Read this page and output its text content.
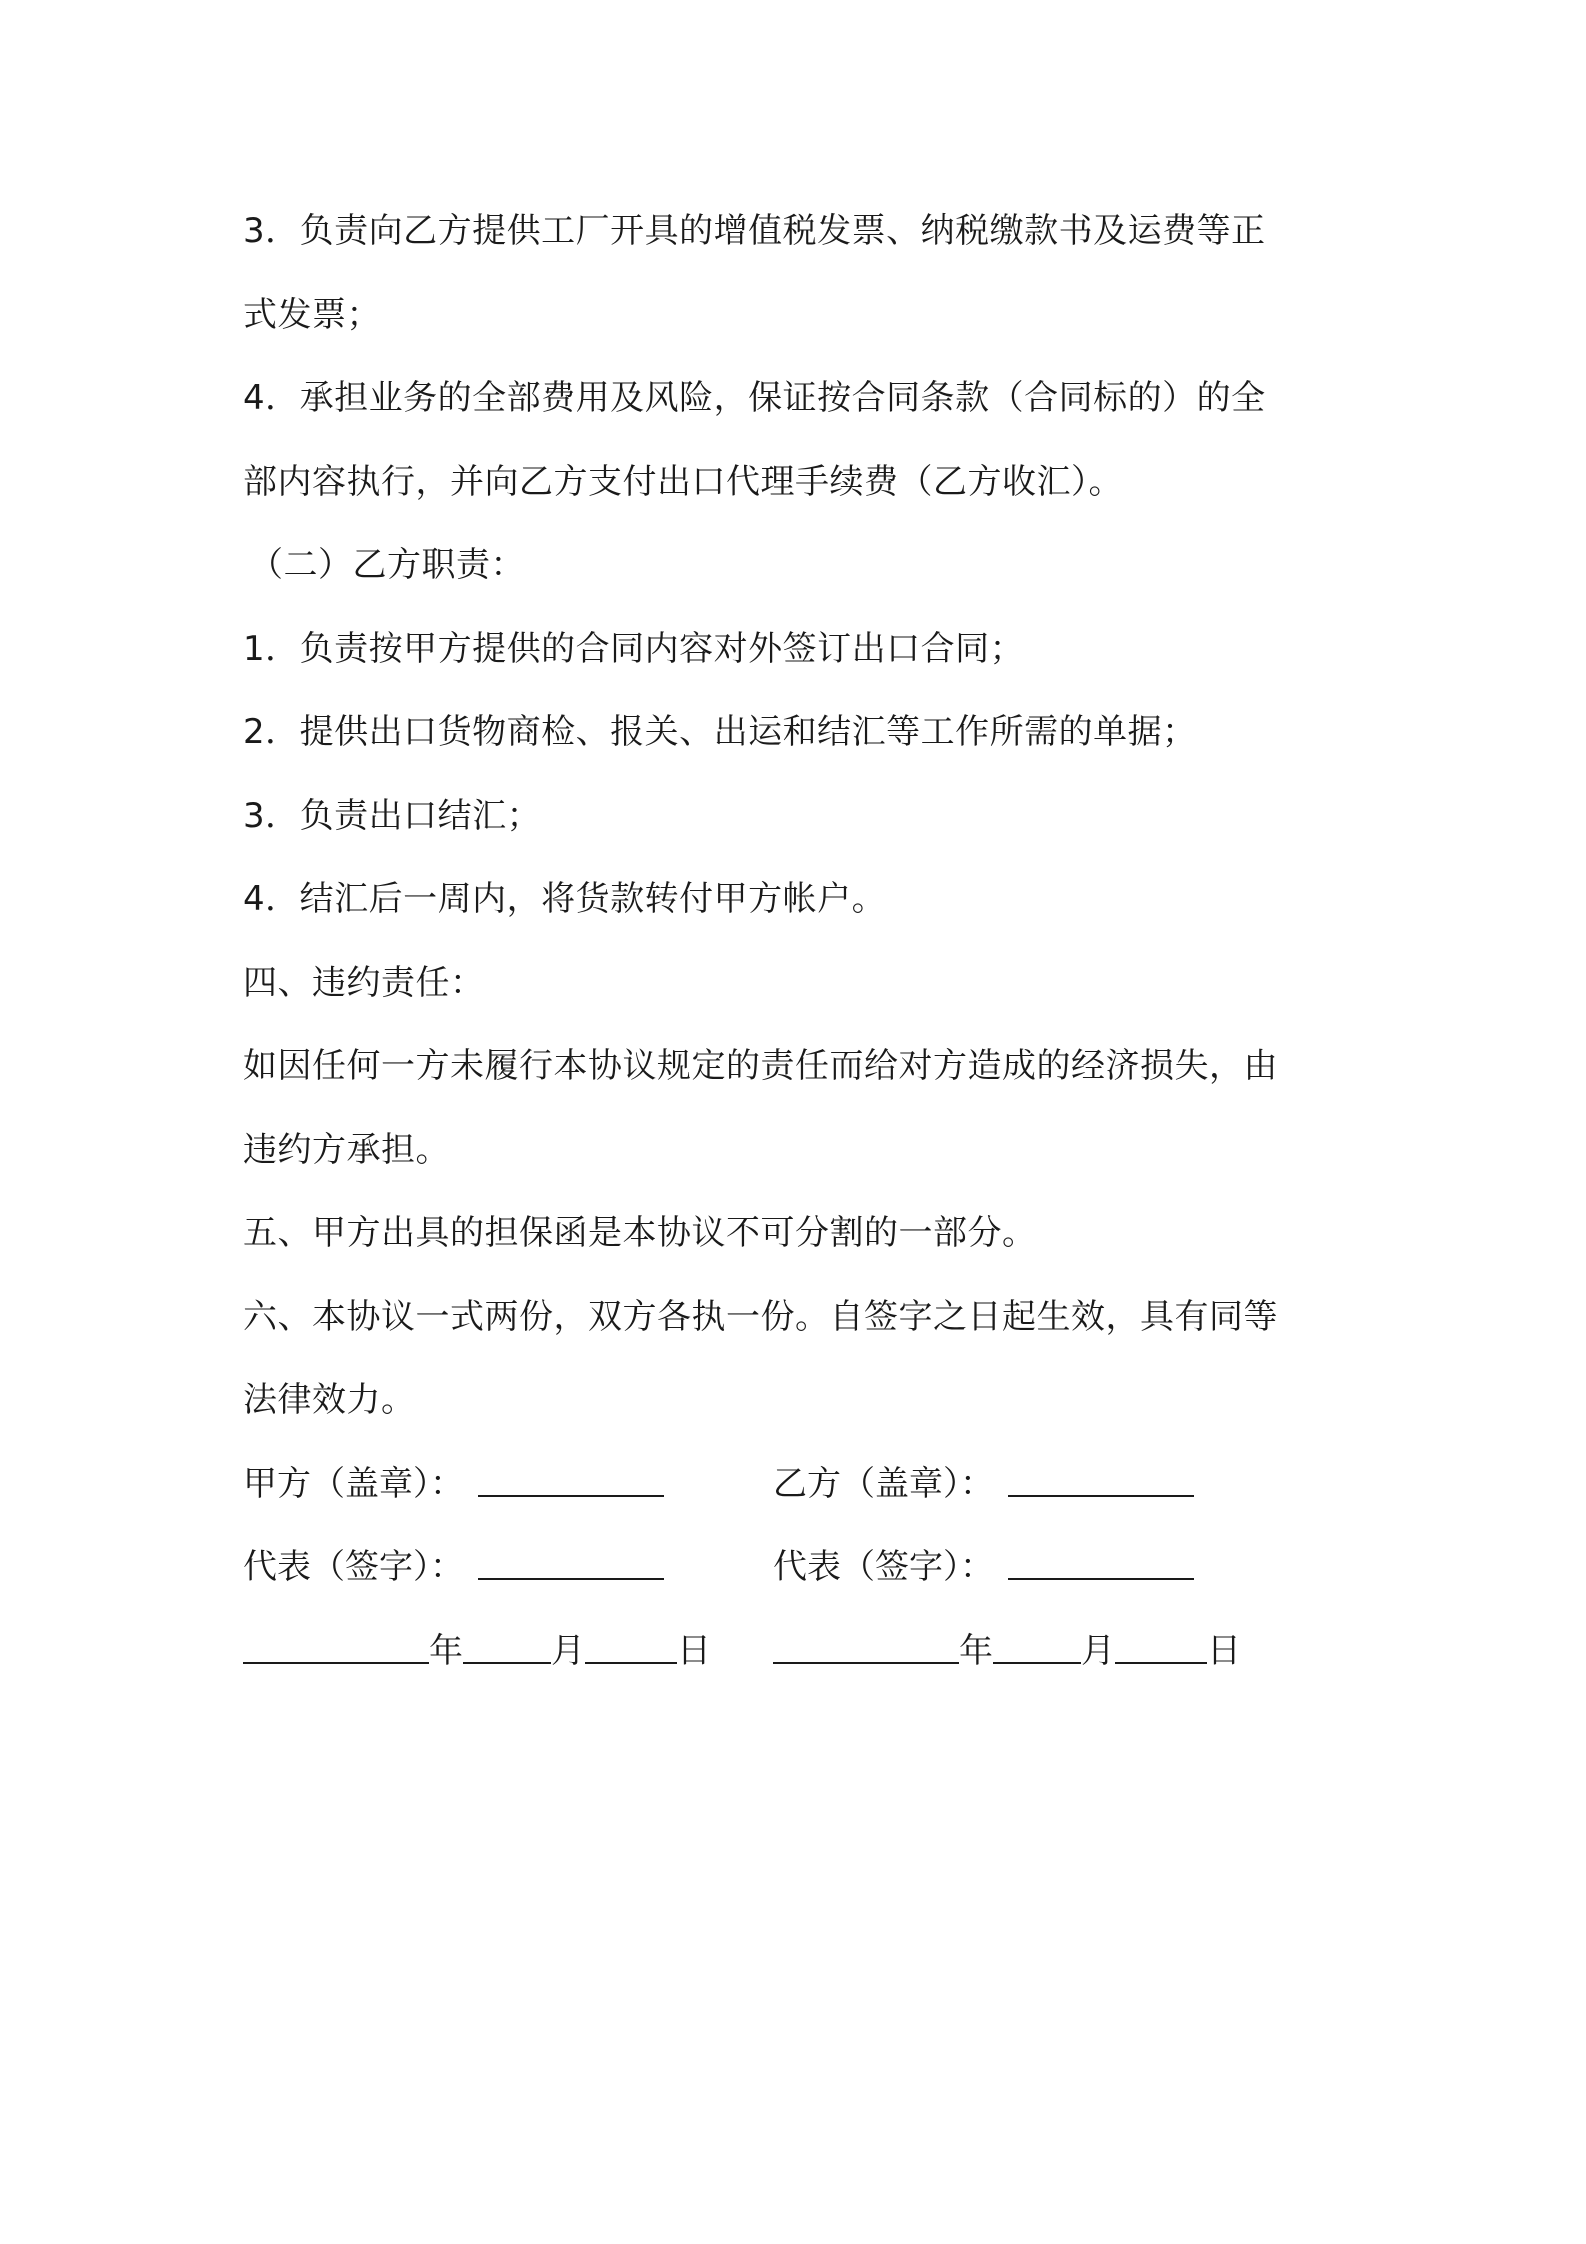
3．负责向乙方提供工厂开具的增值税发票、纳税缴款书及运费等正
式发票；
4．承担业务的全部费用及风险，保证按合同条款（合同标的）的全
部内容执行，并向乙方支付出口代理手续费（乙方收汇）。
（二）乙方职责：
1．负责按甲方提供的合同内容对外签订出口合同；
2．提供出口货物商检、报关、出运和结汇等工作所需的单据；
3．负责出口结汇；
4．结汇后一周内，将货款转付甲方帐户。
四、违约责任：
如因任何一方未履行本协议规定的责任而给对方造成的经济损失，由
违约方承担。
五、甲方出具的担保函是本协议不可分割的一部分。
六、本协议一式两份，双方各执一份。自签字之日起生效，具有同等
法律效力。
甲方（盖章）：	乙方（盖章）：
代表（签字）：	代表（签字）：
年	月	日	年	月	日
